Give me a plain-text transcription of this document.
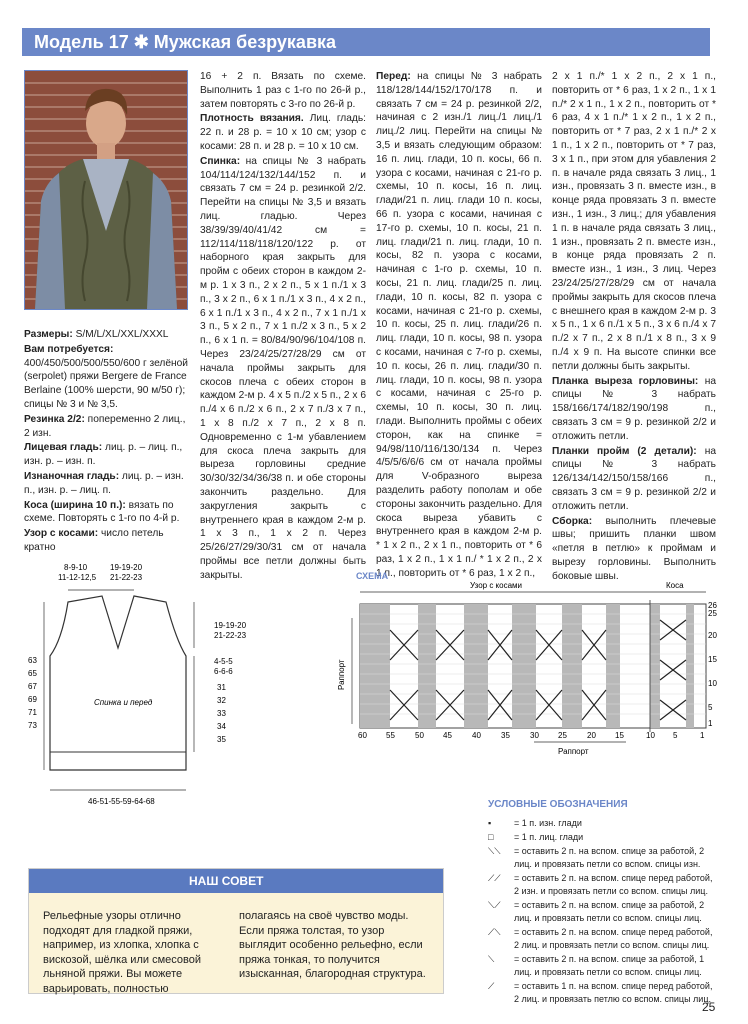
Модель 17 ✱ Мужская безрукавка

Размеры: S/M/L/XL/XXL/XXXL

Вам потребуется: 400/450/500/500/550/600 г зелёной (serpolet) пряжи Bergere de France Berlaine (100% шерсти, 90 м/50 г); спицы № 3 и № 3,5.

Резинка 2/2: попеременно 2 лиц., 2 изн.

Лицевая гладь: лиц. р. – лиц. п., изн. р. – изн. п.

Изнаночная гладь: лиц. р. – изн. п., изн. р. – лиц. п.

Коса (ширина 10 п.): вязать по схеме. Повторять с 1-го по 4-й р.

Узор с косами: число петель кратно

16 + 2 п. Вязать по схеме. Выполнить 1 раз с 1-го по 26-й р., затем повторять с 3-го по 26-й р.

Плотность вязания. Лиц. гладь: 22 п. и 28 р. = 10 х 10 см; узор с косами: 28 п. и 28 р. = 10 х 10 см.

Спинка: на спицы № 3 набрать 104/114/124/132/144/152 п. и связать 7 см = 24 р. резинкой 2/2. Перейти на спицы № 3,5 и вязать лиц. гладью. Через 38/39/39/40/41/42 см = 112/114/118/118/120/122 р. от наборного края закрыть для пройм с обеих сторон в каждом 2-м р. 1 х 3 п., 2 х 2 п., 5 х 1 п./1 х 3 п., 3 х 2 п., 6 х 1 п./1 х 3 п., 4 х 2 п., 6 х 1 п./1 х 3 п., 4 х 2 п., 7 х 1 п./1 х 3 п., 5 х 2 п., 7 х 1 п./2 х 3 п., 5 х 2 п., 6 х 1 п. = 80/84/90/96/104/108 п. Через 23/24/25/27/28/29 см от начала проймы закрыть для скосов плеча с обеих сторон в каждом 2-м р. 4 х 5 п./2 х 5 п., 2 х 6 п./4 х 6 п./2 х 6 п., 2 х 7 п./3 х 7 п., 1 х 8 п./2 х 7 п., 2 х 8 п. Одновременно с 1-м убавлением для скоса плеча закрыть для выреза горловины средние 30/30/32/34/36/38 п. и обе стороны закончить раздельно. Для закругления закрыть с внутреннего края в каждом 2-м р. 1 х 3 п., 1 х 2 п. Через 25/26/27/29/30/31 см от начала проймы все петли должны быть закрыты.

Перед: на спицы № 3 набрать 118/128/144/152/170/178 п. и связать 7 см = 24 р. резинкой 2/2, начиная с 2 изн./1 лиц./1 лиц./1 лиц./2 лиц. Перейти на спицы № 3,5 и вязать следующим образом: 16 п. лиц. глади, 10 п. косы, 66 п. узора с косами, начиная с 21-го р. схемы, 10 п. косы, 16 п. лиц. глади/21 п. лиц. глади 10 п. косы, 66 п. узора с косами, начиная с 17-го р. схемы, 10 п. косы, 21 п. лиц. глади/21 п. лиц. глади, 10 п. косы, 82 п. узора с косами, начиная с 1-го р. схемы, 10 п. косы, 21 п. лиц. глади/25 п. лиц. глади, 10 п. косы, 82 п. узора с косами, начиная с 21-го р. схемы, 10 п. косы, 25 п. лиц. глади/26 п. лиц. глади, 10 п. косы, 98 п. узора с косами, начиная с 7-го р. схемы, 10 п. косы, 26 п. лиц. глади/30 п. лиц. глади, 10 п. косы, 98 п. узора с косами, начиная с 25-го р. схемы, 10 п. косы, 30 п. лиц. глади. Выполнить проймы с обеих сторон, как на спинке = 94/98/110/116/130/134 п. Через 4/5/5/6/6/6 см от начала проймы для V-образного выреза разделить работу пополам и обе стороны закончить раздельно. Для скоса выреза убавить с внутреннего края в каждом 2-м р. * 1 х 2 п., 2 х 1 п., повторить от * 6 раз, 1 х 2 п., 1 х 1 п./ * 1 х 2 п., 2 х 1 п., повторить от * 6 раз, 1 х 2 п.,

2 х 1 п./* 1 х 2 п., 2 х 1 п., повторить от * 6 раз, 1 х 2 п., 1 х 1 п./* 2 х 1 п., 1 х 2 п., повторить от * 6 раз, 4 х 1 п./* 1 х 2 п., 1 х 2 п., повторить от * 7 раз, 2 х 1 п./* 2 х 1 п., 1 х 2 п., повторить от * 7 раз, 3 х 1 п., при этом для убавления 2 п. в начале ряда связать 3 лиц., 1 изн., провязать 3 п. вместе изн., в конце ряда провязать 3 п. вместе изн., 1 изн., 3 лиц.; для убавления 1 п. в начале ряда связать 3 лиц., 1 изн., провязать 2 п. вместе изн., в конце ряда провязать 2 п. вместе изн., 1 изн., 3 лиц. Через 23/24/25/27/28/29 см от начала проймы закрыть для скосов плеча с внешнего края в каждом 2-м р. 3 х 5 п., 1 х 6 п./1 х 5 п., 3 х 6 п./4 х 7 п./2 х 7 п., 2 х 8 п./1 х 8 п., 3 х 9 п./4 х 9 п. На высоте спинки все петли должны быть закрыты.

Планка выреза горловины: на спицы № 3 набрать 158/166/174/182/190/198 п., связать 3 см = 9 р. резинкой 2/2 и отложить петли.

Планки пройм (2 детали): на спицы № 3 набрать 126/134/142/150/158/166 п., связать 3 см = 9 р. резинкой 2/2 и отложить петли.

Сборка: выполнить плечевые швы; пришить планки швом «петля в петлю» к проймам и вырезу горловины. Выполнить боковые швы.

8-9-10
11-12-12,5
19-19-20
21-22-23
19-19-20
21-22-23
4-5-5
6-6-6
31
32
33
34
35
63
65
67
69
71
73
Спинка и перед
46-51-55-59-64-68
СХЕМА
Узор с косами	Коса
Раппорт
60 55	50 45	40	35	30 25	20 15	10 5	1
26
25
20
15
10
5
1
Раппорт
УСЛОВНЫЕ ОБОЗНАЧЕНИЯ
▪	= 1 п. изн. глади
□	= 1 п. лиц. глади
⟍⟍	= оставить 2 п. на вспом. спице за работой, 2 лиц. и провязать петли со вспом. спицы изн.
⟋⟋	= оставить 2 п. на вспом. спице перед работой, 2 изн. и провязать петли со вспом. спицы лиц.
⟍⟋	= оставить 2 п. на вспом. спице за работой, 2 лиц. и провязать петли со вспом. спицы лиц.
⟋⟍	= оставить 2 п. на вспом. спице перед работой, 2 лиц. и провязать петли со вспом. спицы лиц.
⟍	= оставить 2 п. на вспом. спице за работой, 1 лиц. и провязать петли со вспом. спицы лиц.
⟋	= оставить 1 п. на вспом. спице перед работой, 2 лиц. и провязать петлю со вспом. спицы лиц.
НАШ СОВЕТ
Рельефные узоры отлично подходят для гладкой пряжи, например, из хлопка, хлопка с вискозой, шёлка или смесовой льняной пряжи. Вы можете варьировать, полностью
полагаясь на своё чувство моды. Если пряжа толстая, то узор выглядит особенно рельефно, если пряжа тонкая, то получится изысканная, благородная структура.
25
